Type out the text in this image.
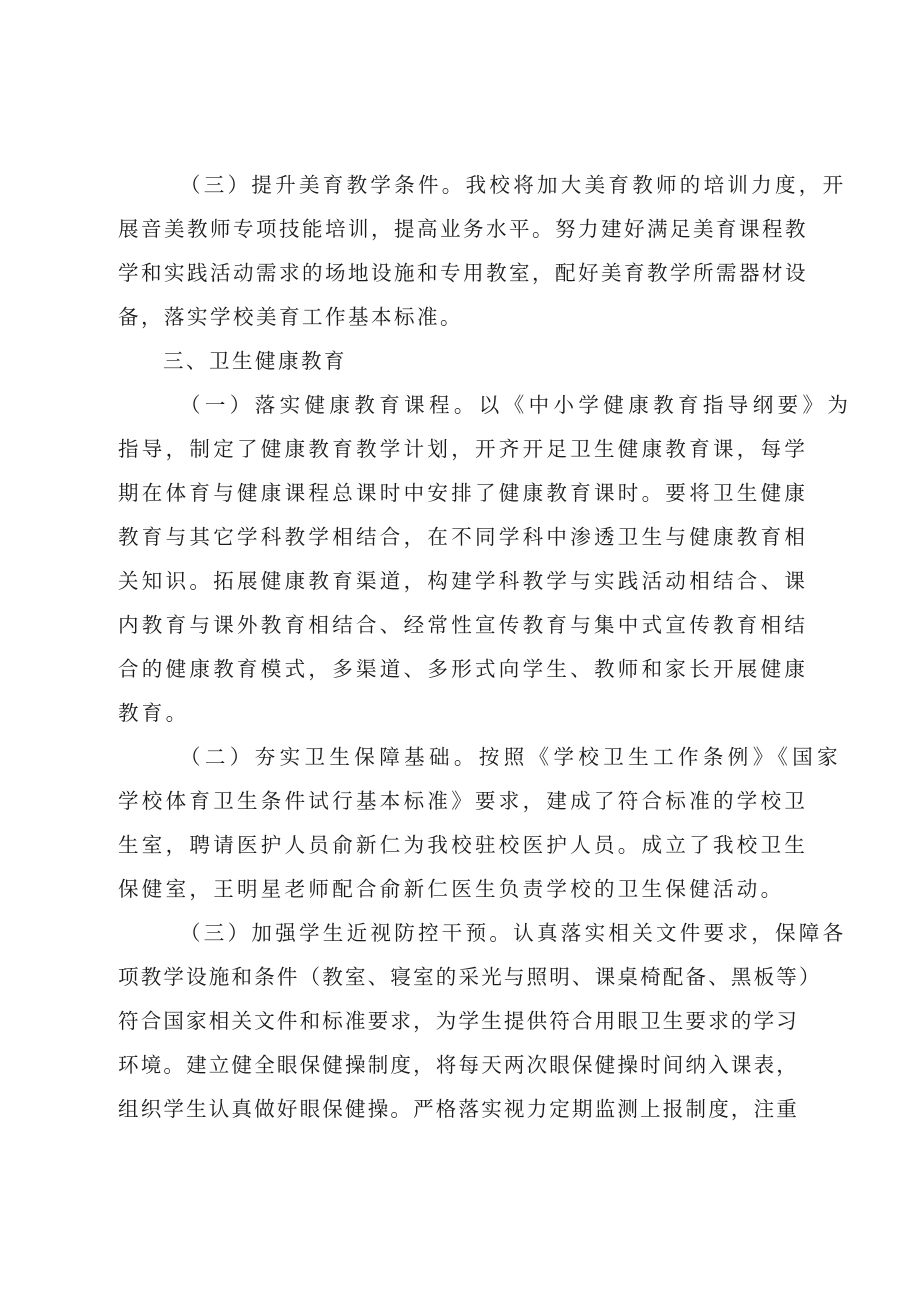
（三）提升美育教学条件。我校将加大美育教师的培训力度，开

展音美教师专项技能培训，提高业务水平。努力建好满足美育课程教

学和实践活动需求的场地设施和专用教室，配好美育教学所需器材设

备，落实学校美育工作基本标准。

三、卫生健康教育

（一）落实健康教育课程。以《中小学健康教育指导纲要》为

指导，制定了健康教育教学计划，开齐开足卫生健康教育课，每学

期在体育与健康课程总课时中安排了健康教育课时。要将卫生健康

教育与其它学科教学相结合，在不同学科中渗透卫生与健康教育相

关知识。拓展健康教育渠道，构建学科教学与实践活动相结合、课

内教育与课外教育相结合、经常性宣传教育与集中式宣传教育相结

合的健康教育模式，多渠道、多形式向学生、教师和家长开展健康

教育。

（二）夯实卫生保障基础。按照《学校卫生工作条例》《国家

学校体育卫生条件试行基本标准》要求，建成了符合标准的学校卫

生室，聘请医护人员俞新仁为我校驻校医护人员。成立了我校卫生

保健室，王明星老师配合俞新仁医生负责学校的卫生保健活动。

（三）加强学生近视防控干预。认真落实相关文件要求，保障各

项教学设施和条件（教室、寝室的采光与照明、课桌椅配备、黑板等）

符合国家相关文件和标准要求，为学生提供符合用眼卫生要求的学习

环境。建立健全眼保健操制度，将每天两次眼保健操时间纳入课表，

组织学生认真做好眼保健操。严格落实视力定期监测上报制度，注重
